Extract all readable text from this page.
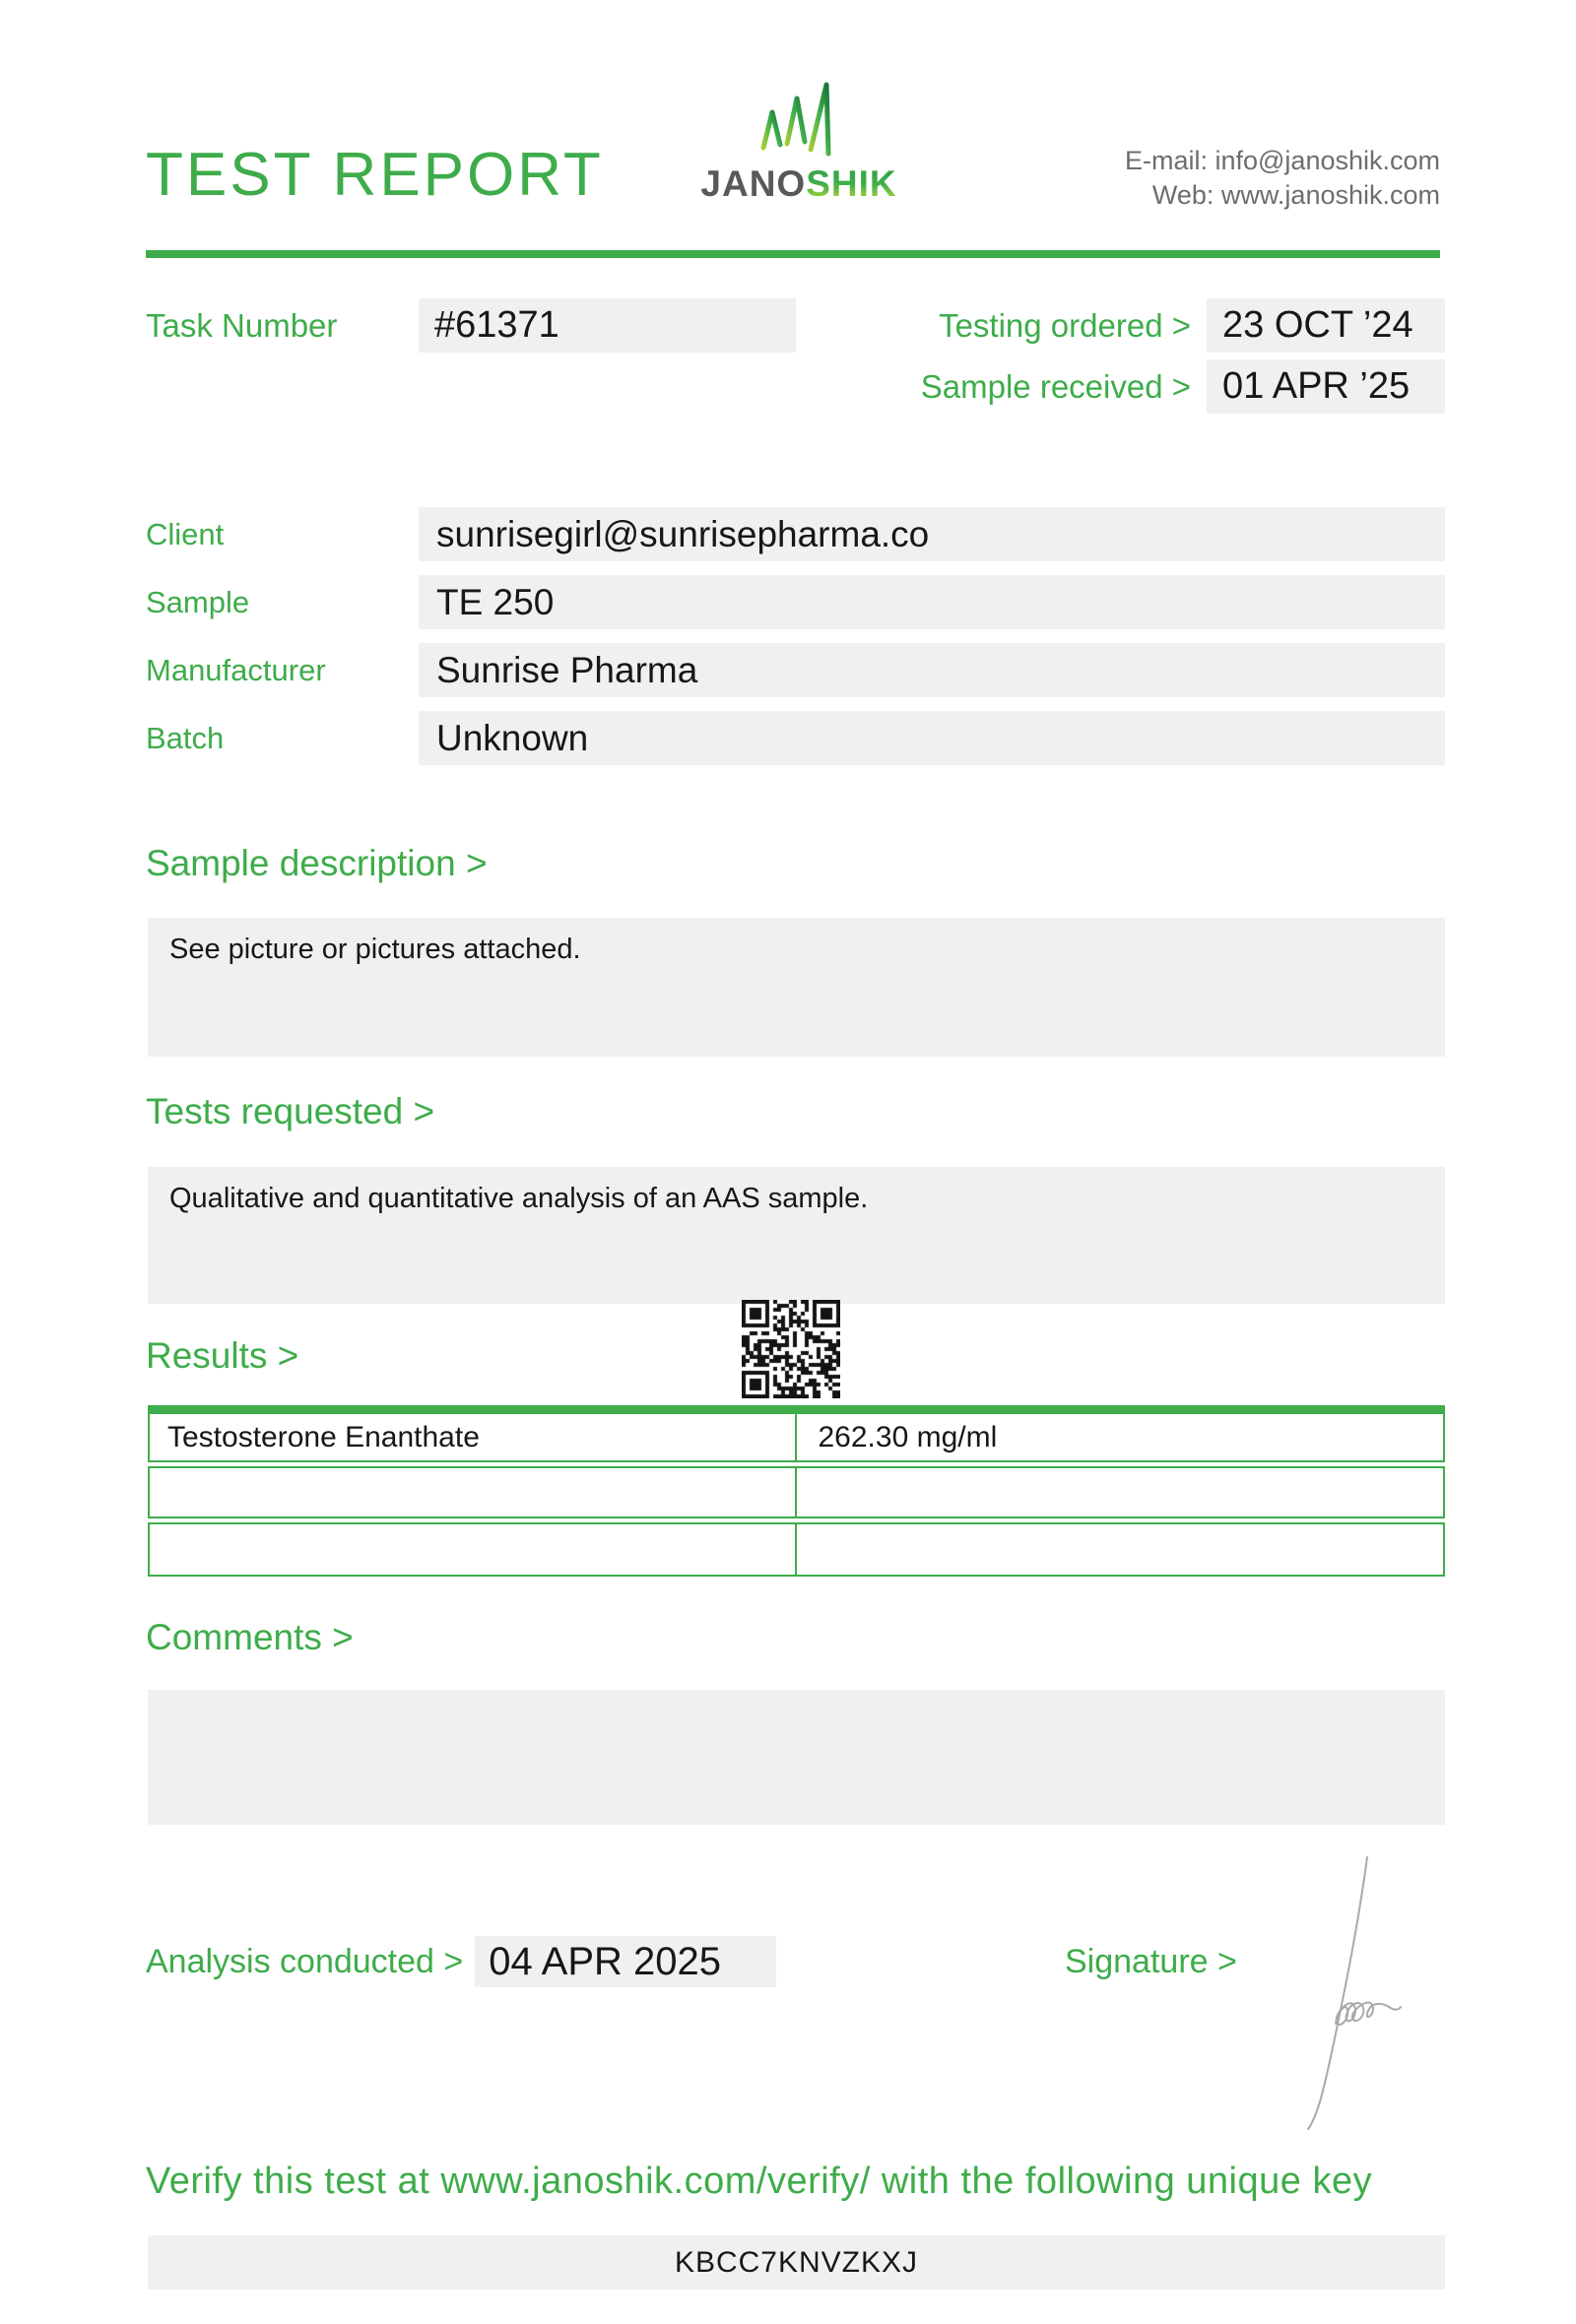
TEST REPORT	JANOSHIK
E-mail: info@janoshik.com
Web: www.janoshik.com
Task Number	#61371	Testing ordered > 23 OCT ’24
Sample received > 01 APR ’25
Client	sunrisegirl@sunrisepharma.co
Sample	TE 250
Manufacturer	Sunrise Pharma
Batch	Unknown
Sample description >
See picture or pictures attached.
Tests requested >
Qualitative and quantitative analysis of an AAS sample.
Results >
Testosterone Enanthate	262.30 mg/ml
Comments >
Analysis conducted > 04 APR 2025	Signature >
Verify this test at www.janoshik.com/verify/ with the following unique key
KBCC7KNVZKXJ
